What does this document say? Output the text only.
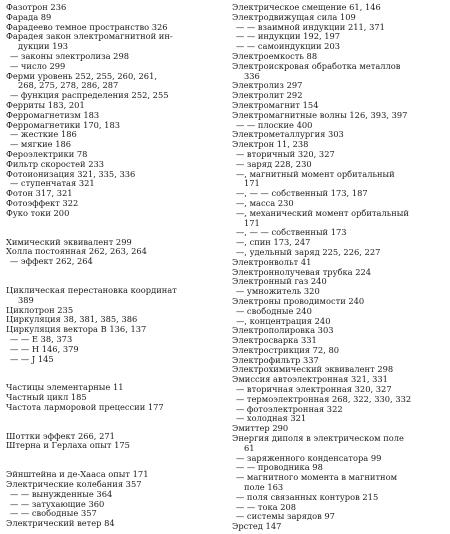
Фазотрон 236
Фарада 89
Фарадеево темное пространство 326
Фарадея закон электромагнитной ин-
дукции 193
— законы электролиза 298
— число 299
Ферми уровень 252, 255, 260, 261,
268, 275, 278, 286, 287
— функция распределения 252, 255
Ферриты 183, 201
Ферромагнетизм 183
Ферромагнетики 170, 183
— жесткие 186
— мягкие 186
Фероэлектрики 78
Фильтр скоростей 233
Фотоионизация 321, 335, 336
— ступенчатая 321
Фотон 317, 321
Фотоэффект 322
Фуко токи 200
Химический эквивалент 299
Холла постоянная 262, 263, 264
— эффект 262, 264
Циклическая перестановка координат
389
Циклотрон 235
Циркуляция 38, 381, 385, 386
Циркуляция вектора В 136, 137
— — E 38, 373
— — H 146, 379
— — J 145
Частицы элементарные 11
Частный цикл 185
Частота ларморовой прецессии 177
Шоттки эффект 266, 271
Штерна и Герлаха опыт 175
Эйнштейна и де-Хааса опыт 171
Электрические колебания 357
— — вынужденные 364
— — затухающие 360
— — свободные 357
Электрический ветер 84
Электрическое смещение 61, 146
Электродвижущая сила 109
— — взаимной индукции 211, 371
— — индукции 192, 197
— — самоиндукции 203
Электроемкость 88
Электроискровая обработка металлов
336
Электролиз 297
Электролит 292
Электромагнит 154
Электромагнитные волны 126, 393, 397
— — плоские 400
Электрометаллургия 303
Электрон 11, 238
— вторичный 320, 327
— заряд 228, 230
—, магнитный момент орбитальный
171
—, — — собственный 173, 187
—, масса 230
—, механический момент орбитальный
171
—, — — собственный 173
—, спин 173, 247
—, удельный заряд 225, 226, 227
Электронвольт 41
Электроннолучевая трубка 224
Электронный газ 240
— умножитель 320
Электроны проводимости 240
— свободные 240
—, концентрация 240
Электрополировка 303
Электросварка 331
Электрострикция 72, 80
Электрофильтр 337
Электрохимический эквивалент 298
Эмиссия автоэлектронная 321, 331
— вторичная электронная 320, 327
— термоэлектронная 268, 322, 330, 332
— фотоэлектронная 322
— холодная 321
Эмиттер 290
Энергия диполя в электрическом поле
61
— заряженного конденсатора 99
— — проводника 98
— магнитного момента в магнитном
поле 163
— поля связанных контуров 215
— — тока 208
— системы зарядов 97
Эрстед 147
